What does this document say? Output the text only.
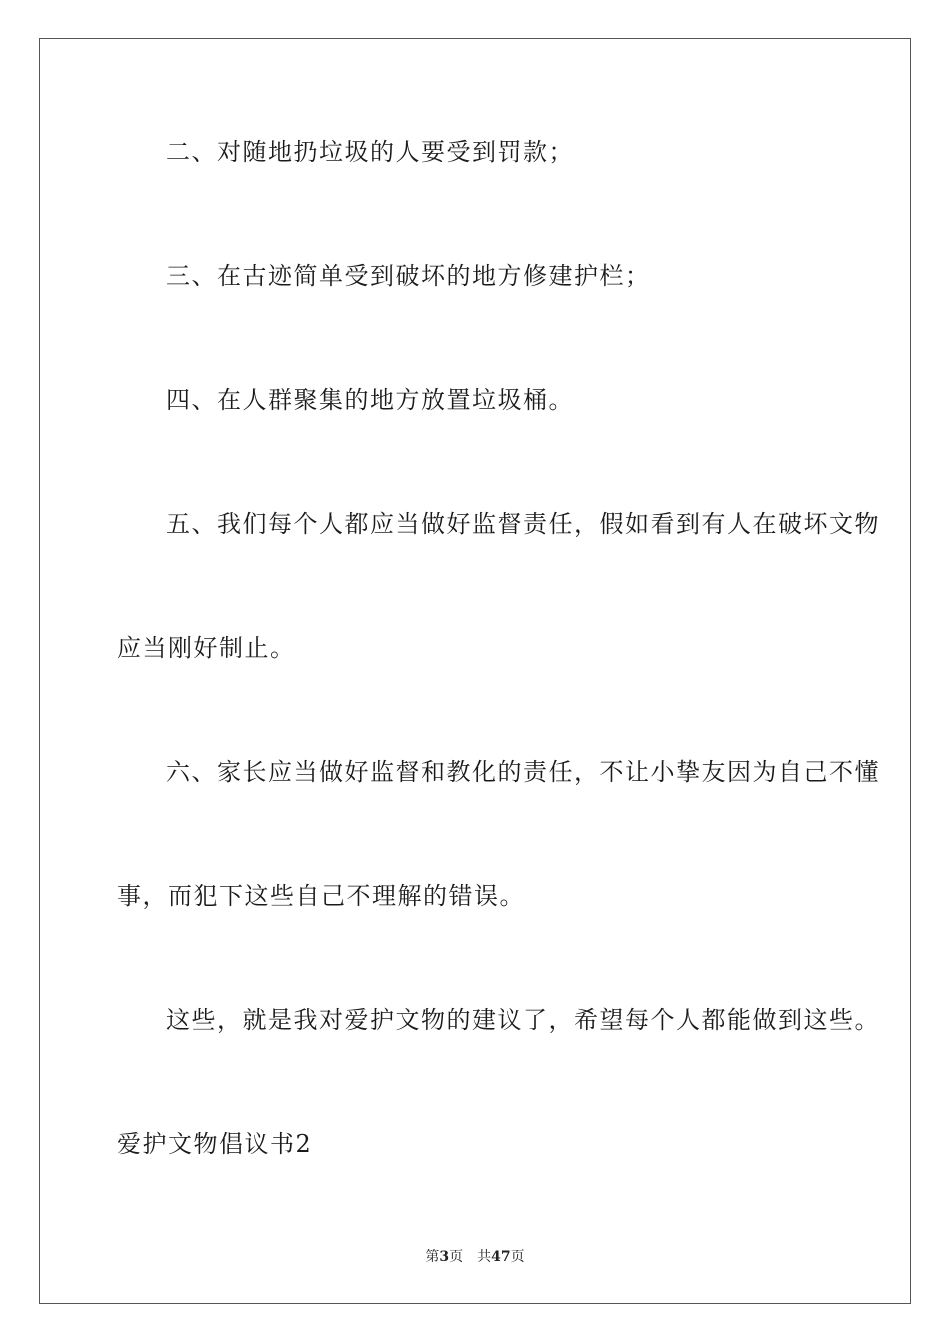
二、对随地扔垃圾的人要受到罚款；
三、在古迹简单受到破坏的地方修建护栏；
四、在人群聚集的地方放置垃圾桶。
五、我们每个人都应当做好监督责任，假如看到有人在破坏文物
应当刚好制止。
六、家长应当做好监督和教化的责任，不让小挚友因为自己不懂
事，而犯下这些自己不理解的错误。
这些，就是我对爱护文物的建议了，希望每个人都能做到这些。
爱护文物倡议书2
第3页 共47页
